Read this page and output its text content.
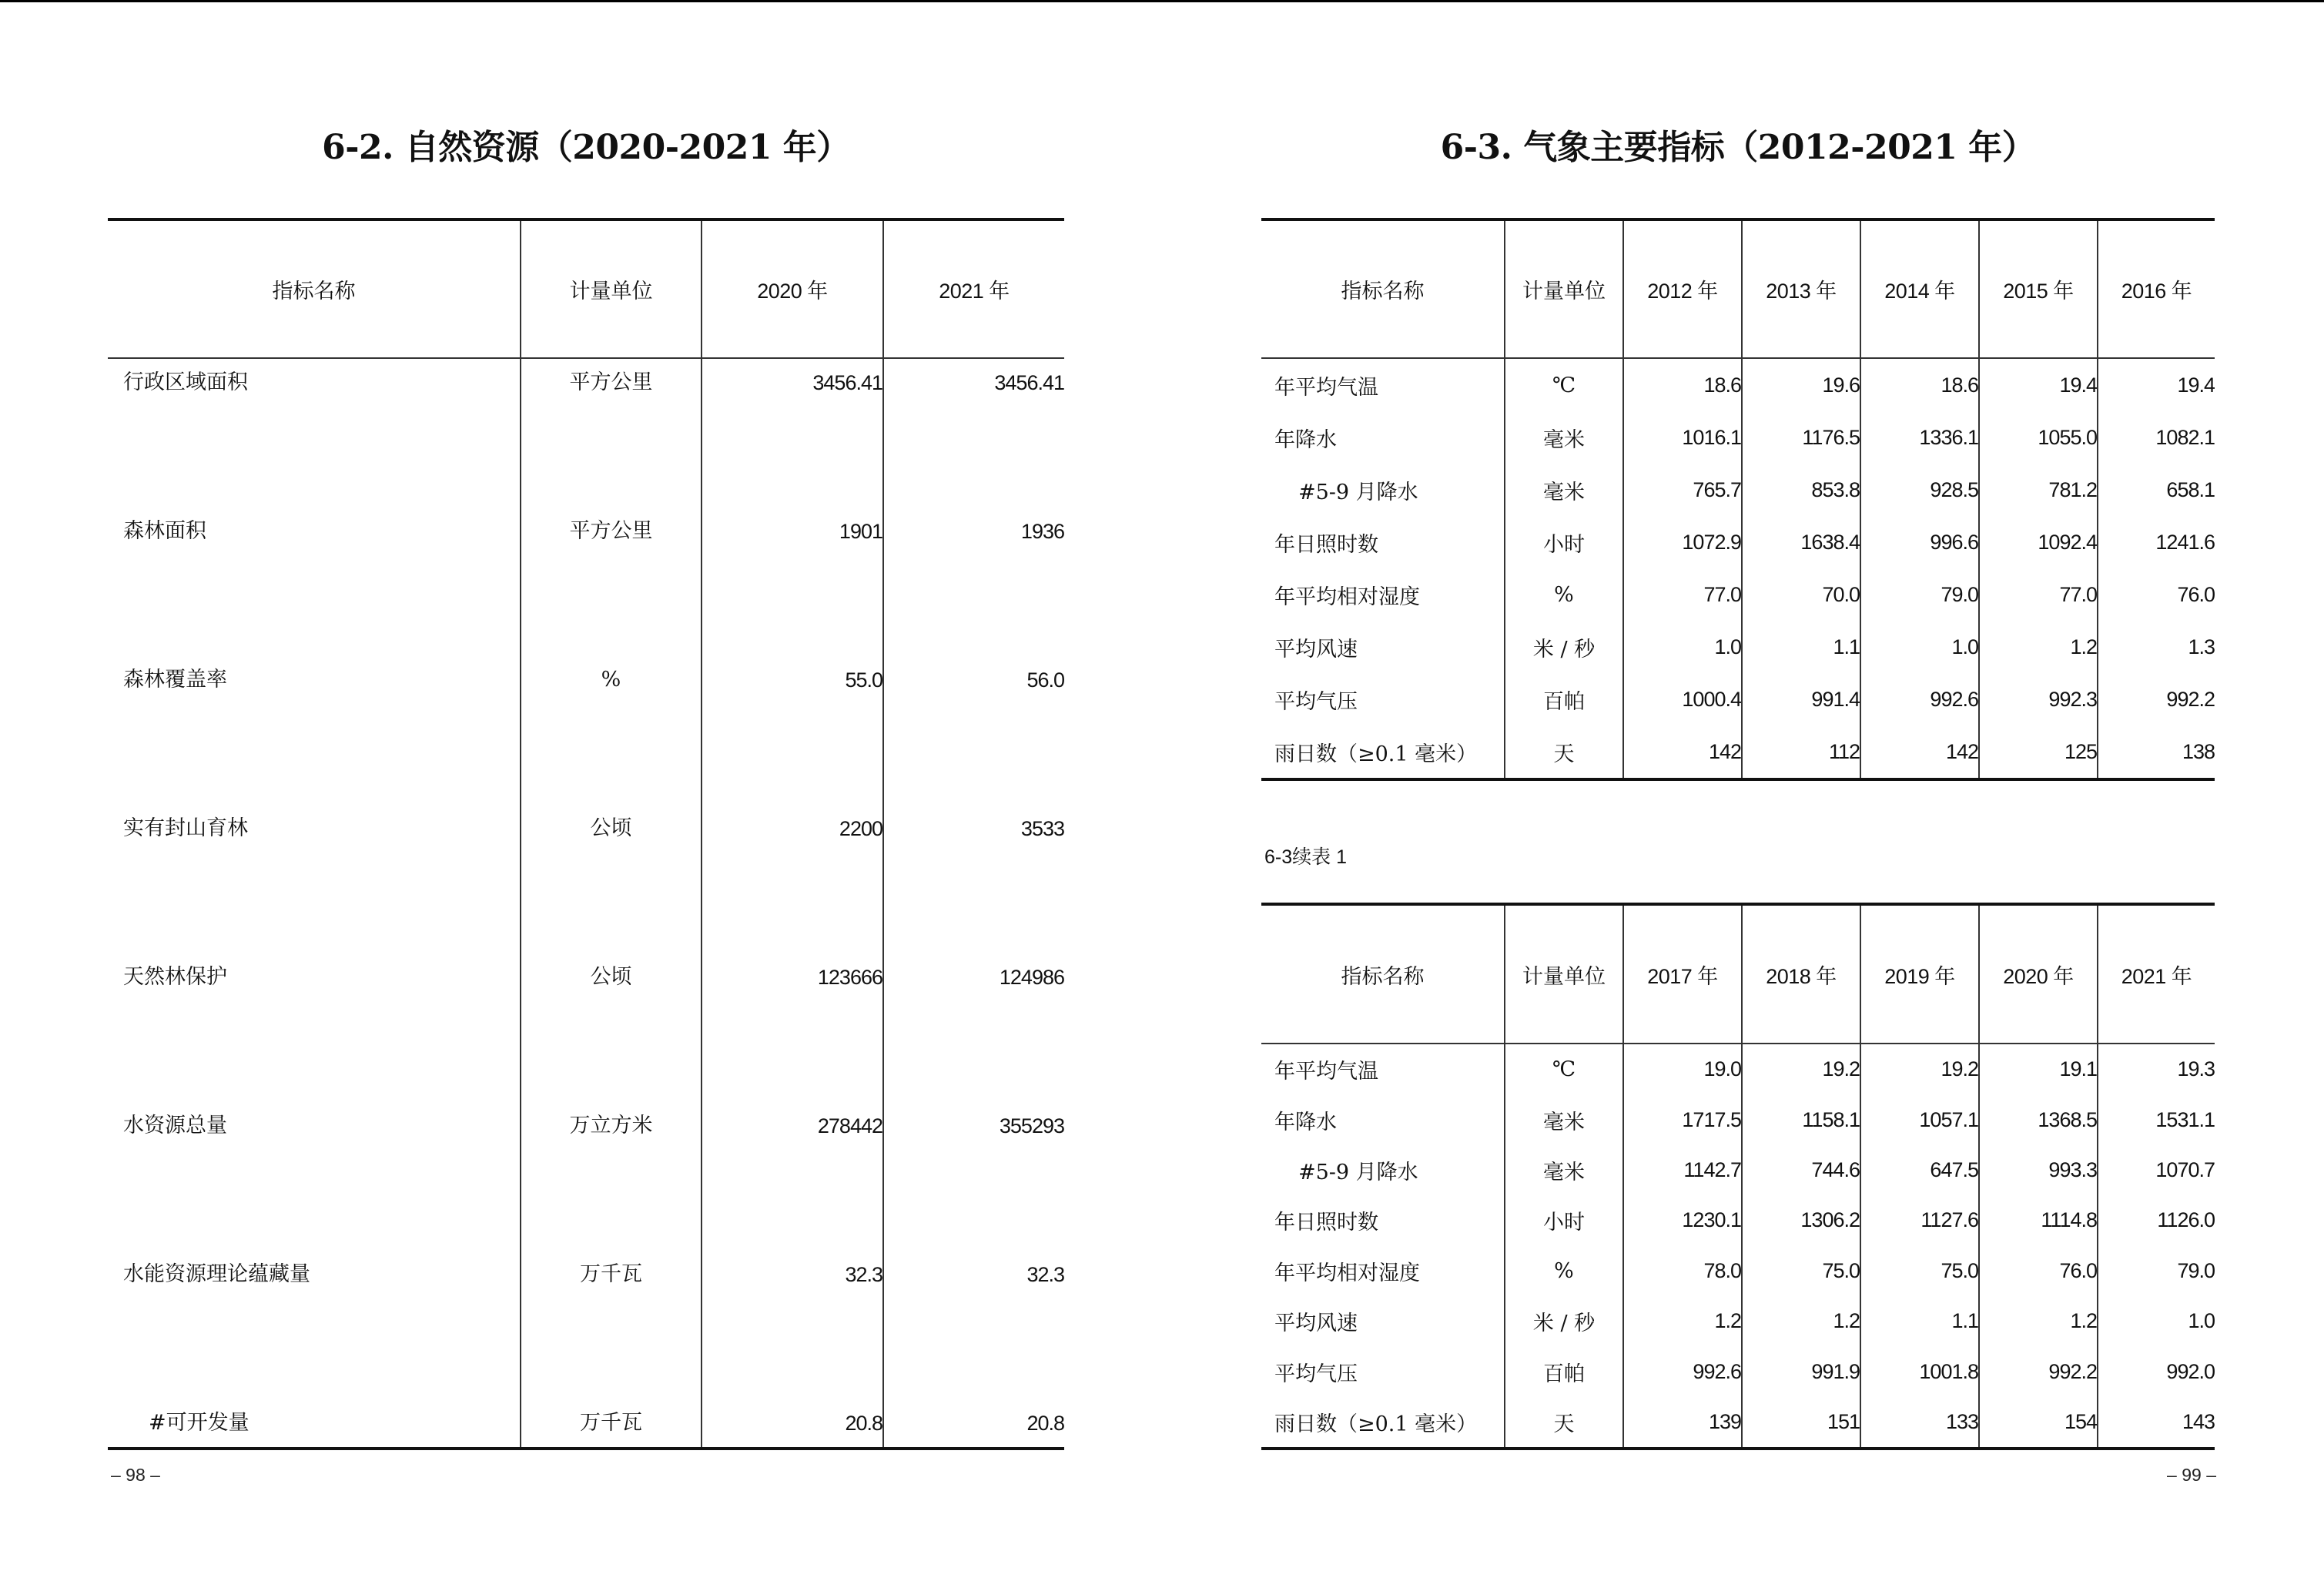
6-2. 自然资源（2020-2021 年）
指标名称	计量单位	2020 年	2021 年
行政区域面积	平方公里	3456.41	3456.41
森林面积	平方公里	1901	1936
森林覆盖率	%	55.0	56.0
实有封山育林	公顷	2200	3533
天然林保护	公顷	123666	124986
水资源总量	万立方米	278442	355293
水能资源理论蕴藏量	万千瓦	32.3	32.3
#可开发量	万千瓦	20.8	20.8
– 98 –
6-3. 气象主要指标（2012-2021 年）
指标名称	计量单位	2012 年	2013 年	2014 年	2015 年	2016 年
年平均气温	℃	18.6	19.6	18.6	19.4	19.4
年降水	毫米	1016.1	1176.5	1336.1	1055.0	1082.1
#5-9 月降水	毫米	765.7	853.8	928.5	781.2	658.1
年日照时数	小时	1072.9	1638.4	996.6	1092.4	1241.6
年平均相对湿度	%	77.0	70.0	79.0	77.0	76.0
平均风速	米 / 秒	1.0	1.1	1.0	1.2	1.3
平均气压	百帕	1000.4	991.4	992.6	992.3	992.2
雨日数（≥0.1 毫米）	天	142	112	142	125	138
6-3续表 1
指标名称	计量单位	2017 年	2018 年	2019 年	2020 年	2021 年
年平均气温	℃	19.0	19.2	19.2	19.1	19.3
年降水	毫米	1717.5	1158.1	1057.1	1368.5	1531.1
#5-9 月降水	毫米	1142.7	744.6	647.5	993.3	1070.7
年日照时数	小时	1230.1	1306.2	1127.6	1114.8	1126.0
年平均相对湿度	%	78.0	75.0	75.0	76.0	79.0
平均风速	米 / 秒	1.2	1.2	1.1	1.2	1.0
平均气压	百帕	992.6	991.9	1001.8	992.2	992.0
雨日数（≥0.1 毫米）	天	139	151	133	154	143
– 99 –
